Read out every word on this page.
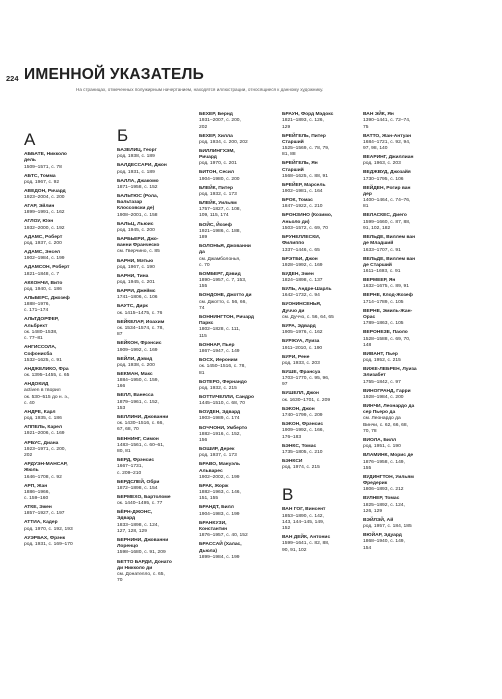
224 ИМЕННОЙ УКАЗАТЕЛЬ
На страницах, отмеченных полужирным начертанием, находятся иллюстрации, относящиеся к данному художнику.
А
АББАТЕ, Никколо
дель
1509–1571, с. 78
АБТС, Томма
род. 1967, с. 92
АВЕДОН, Ричард
1923–2004, с. 200
АГАР, Эйлин
1899–1991, с. 162
АГЛОУ, Юэн
1932–2000, с. 192
АДАМС, Роберт
род. 1937, с. 200
АДАМС, Энсел
1902–1984, с. 199
АДАМСОН, Роберт
1821–1848, с. 7
АККОНЧИ, Вито
род. 1940, с. 186
АЛЬБЕРС, Джозеф
1888–1976,
с. 171–174
АЛЬТДОРФЕР,
Альбрехт
ок. 1480–1538,
с. 77–81
АНГИССОЛА,
Софонисба
1532–1625, с. 91
АНДЖЕЛИКО, Фра
ок. 1395–1455, с. 65
АНДОКИД
activen в творил
ок. 530–515 до н. э.,
с. 40
АНДРЕ, Карл
род. 1935, с. 186
АППЕЛЬ, Карел
1921–2006, с. 169
АРБУС, Диана
1923–1971, с. 200,
202
АРДУЭН-МАНСАР,
Жюль
1646–1708, с. 92
АРП, Жан
1886–1966,
с. 159–160
АТКЕ, Эжен
1857–1927, с. 197
АТТИА, Кадер
род. 1970, с. 192, 193
АУЭРБАХ, Фрэнк
род. 1931, с. 169–170
Б
БАЗЕЛИЦ, Георг
род. 1938, с. 189
БАЛДЕССАРИ, Джон
род. 1931, с. 189
БАЛЛА, Джакомо
1871–1958, с. 152
БАЛЬТЮС (Рола,
Бальтазар
Клоссовски де)
1908–2001, с. 158
БАЛЬЦ, Льюис
род. 1945, с. 200
БАРБЬЕРИ, Джо-
ванни Франческо
см. Гверчино, с. 85
БАРНИ, Мэтью
род. 1967, с. 190
БАРНИ, Тина
род. 1945, с. 201
БАРРИ, Джеймс
1741–1806, с. 106
БАУТС, Дирк
ок. 1415–1475, с. 76
БЕЙКЕЛАР, Иоахим
ок. 1534–1574, с. 78,
87
БЕЙКОН, Фрэнсис
1909–1992, с. 169
БЕЙЛИ, Дэвид
род. 1938, с. 200
БЕКМАН, Макс
1884–1950, с. 159,
166
БЕЛЛ, Ванесса
1879–1961, с. 152,
153
БЕЛЛИНИ, Джованни
ок. 1430–1516, с. 66,
67, 68, 70
БЕННИНГ, Симон
1483–1561, с. 60–61,
80, 81
БЕРД, Фрэнсис
1667–1731,
с. 209–210
БЕРДСЛЕЙ, Обри
1872–1898, с. 154
БЕРМЕХО, Бартоломе
ок. 1440–1495, с. 77
БЁРН-ДЖОНС,
Эдвард
1833–1898, с. 124,
127, 128, 129
БЕРНИНИ, Джованни
Лоренцо
1598–1680, с. 91, 209
БЕТТО БАРДИ, Донато
ди Никколо ди
см. Донателло, с. 65,
70
БЕХЕР, Бернд
1931–2007, с. 200,
202
БЕХЕР, Хилла
род. 1934, с. 200, 202
БИЛЛИНГХЭМ,
Ричард
род. 1970, с. 201
БИТОН, Сесил
1904–1980, с. 200
БЛЕЙК, Питер
род. 1932, с. 173
БЛЕЙК, Уильям
1757–1827, с. 108,
109, 115, 174
БОЙС, Йозеф
1921–1986, с. 188,
189
БОЛОНЬЯ, Джованни
да
см. Джамболонья,
с. 70
БОМБЕРГ, Дэвид
1890–1957, с. 7, 153,
155
БОНДОНЕ, Джотто ди
см. Джотто, с. 56, 66,
74
БОННИНГТОН, Ричард
Паркс
1802–1828, с. 111,
115
БОННАР, Пьер
1867–1947, с. 149
БОСХ, Иероним
ок. 1450–1516, с. 78,
81
БОТЕРО, Фернандо
род. 1932, с. 215
БОТТИЧЕЛЛИ, Сандро
1445–1510, с. 68, 70
БОУДЕН, Эдвард
1903–1989, с. 174
БОЧЧОНИ, Умберто
1882–1916, с. 152,
156
БОШИР, Дерек
род. 1937, с. 173
БРАВО, Мануэль
Альварес
1902–2002, с. 199
БРАК, Жорж
1882–1963, с. 146,
151, 155
БРАНДТ, Билл
1904–1983, с. 199
БРАНКУЗИ,
Константин
1876–1957, с. 40, 152
БРАССАЙ (Халас,
Дьюла)
1899–1984, с. 199
БРАУН, Форд Мэдокс
1821–1893, с. 126,
129
БРЕЙГЕЛЬ, Питер
Старший
1525–1569, с. 78, 79,
81, 88
БРЕЙГЕЛЬ, Ян
Старший
1568–1625, с. 88, 91
БРЕЙЕР, Марсель
1902–1981, с. 164
БРОК, Томас
1847–1922, с. 210
БРОНЗИНО (Козимо,
Аньоло ди)
1503–1572, с. 69, 70
БРУНЕЛЛЕСКИ,
Филиппо
1337–1446, с. 65
БРЭТБИ, Джон
1928–1992, с. 169
БУДЕН, Эжен
1824–1898, с. 137
БУЛЬ, Андре-Шарль
1642–1732, с. 94
БУОНИНСЕНЬЯ,
Дуччо ди
см. Дуччо, с. 56, 64, 65
БУРА, Эдвард
1905–1976, с. 162
БУРЖУА, Луиза
1911–2010, с. 190
БУРИ, Рене
род. 1933, с. 203
БУШЕ, Франсуа
1703–1770, с. 95, 96,
97
БУШЕЛЛ, Джон
ок. 1630–1701, с. 209
БЭКОН, Джон
1740–1799, с. 209
БЭКОН, Фрэнсис
1909–1992, с. 166,
176–183
БЭНКС, Томас
1735–1805, с. 210
БЭНКСИ
род. 1974, с. 215
В
ВАН ГОГ, Винсент
1853–1890, с. 142,
143, 144–145, 149,
152
ВАН ДЕЙК, Антонис
1599–1641, с. 82, 88,
90, 91, 102
ВАН ЭЙК, Ян
1390–1441, с. 72–74,
75
ВАТТО, Жан-Антуан
1684–1721, с. 92, 94,
97, 98, 140
ВЕАРИНГ, Джиллиан
род. 1963, с. 203
ВЕДЖВУД, Джозайя
1730–1795, с. 106
ВЕЙДЕН, Рогир ван
дер
1400–1464, с. 74–76,
81
ВЕЛАСКЕС, Диего
1599–1660, с. 87, 88,
91, 102, 182
ВЕЛЬДЕ, Виллем ван
де Младший
1633–1707, с. 91
ВЕЛЬДЕ, Виллем ван
де Старший
1611–1693, с. 91
ВЕРМЕЕР, Ян
1632–1675, с. 89, 91
ВЕРНЕ, Клод-Жозеф
1714–1789, с. 105
ВЕРНЕ, Эмиль-Жан-
Орас
1789–1863, с. 105
ВЕРОНЕЗЕ, Паоло
1528–1588, с. 69, 70,
148
ВИВАНТ, Пьер
род. 1952, с. 215
ВИЖЕ-ЛЕБРЕН, Луиза
Элизабет
1755–1842, с. 97
ВИНОГРАНД, Гарри
1928–1984, с. 200
ВИНЧИ, Леонардо да
сер Пьеро да
см. Леонардо да
Винчи, с. 62, 66, 68,
70, 78
ВИОЛА, Билл
род. 1951, с. 190
ВЛАМИНК, Морис де
1876–1958, с. 149,
155
ВУДИНГТОН, Уильям
Фредерик
1806–1893, с. 212
ВУЛНЕР, Томас
1825–1892, с. 124,
126, 129
ВЭЙЛЭЙ, Ай
род. 1957, с. 184, 185
ВЮЙАР, Эдуард
1868–1940, с. 149,
154
